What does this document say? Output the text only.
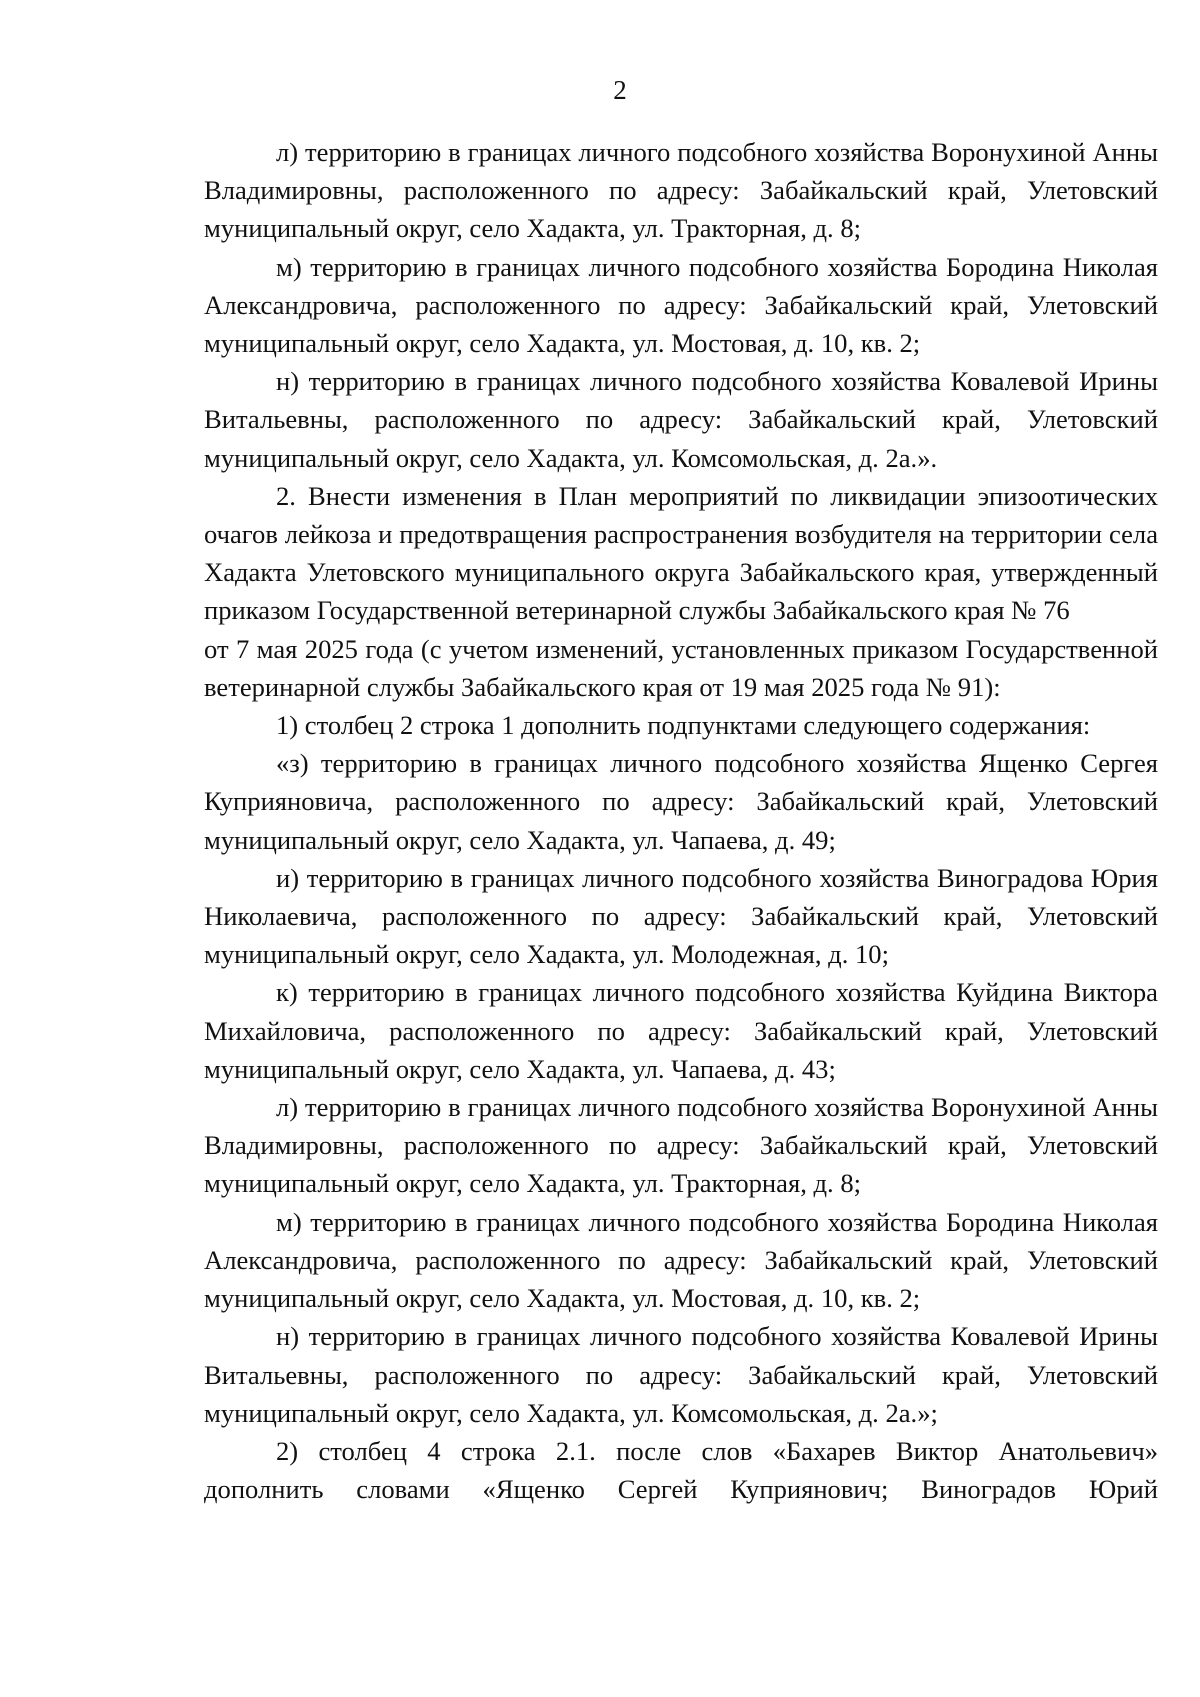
2

л) территорию в границах личного подсобного хозяйства Воронухиной Анны Владимировны, расположенного по адресу: Забайкальский край, Улетовский муниципальный округ, село Хадакта, ул. Тракторная, д. 8;

м) территорию в границах личного подсобного хозяйства Бородина Николая Александровича, расположенного по адресу: Забайкальский край, Улетовский муниципальный округ, село Хадакта, ул. Мостовая, д. 10, кв. 2;

н) территорию в границах личного подсобного хозяйства Ковалевой Ирины Витальевны, расположенного по адресу: Забайкальский край, Улетовский муниципальный округ, село Хадакта, ул. Комсомольская, д. 2а.».

2. Внести изменения в План мероприятий по ликвидации эпизоотических очагов лейкоза и предотвращения распространения возбудителя на территории села Хадакта Улетовского муниципального округа Забайкальского края, утвержденный приказом Государственной ветеринарной службы Забайкальского края № 76

от 7 мая 2025 года (с учетом изменений, установленных приказом Государственной ветеринарной службы Забайкальского края от 19 мая 2025 года № 91):

1) столбец 2 строка 1 дополнить подпунктами следующего содержания:

«з) территорию в границах личного подсобного хозяйства Ященко Сергея Куприяновича, расположенного по адресу: Забайкальский край, Улетовский муниципальный округ, село Хадакта, ул. Чапаева, д. 49;

и) территорию в границах личного подсобного хозяйства Виноградова Юрия Николаевича, расположенного по адресу: Забайкальский край, Улетовский муниципальный округ, село Хадакта, ул. Молодежная, д. 10;

к) территорию в границах личного подсобного хозяйства Куйдина Виктора Михайловича, расположенного по адресу: Забайкальский край, Улетовский муниципальный округ, село Хадакта, ул. Чапаева, д. 43;

л) территорию в границах личного подсобного хозяйства Воронухиной Анны Владимировны, расположенного по адресу: Забайкальский край, Улетовский муниципальный округ, село Хадакта, ул. Тракторная, д. 8;

м) территорию в границах личного подсобного хозяйства Бородина Николая Александровича, расположенного по адресу: Забайкальский край, Улетовский муниципальный округ, село Хадакта, ул. Мостовая, д. 10, кв. 2;

н) территорию в границах личного подсобного хозяйства Ковалевой Ирины Витальевны, расположенного по адресу: Забайкальский край, Улетовский муниципальный округ, село Хадакта, ул. Комсомольская, д. 2а.»;

2) столбец 4 строка 2.1. после слов «Бахарев Виктор Анатольевич» дополнить словами «Ященко Сергей Куприянович; Виноградов Юрий
